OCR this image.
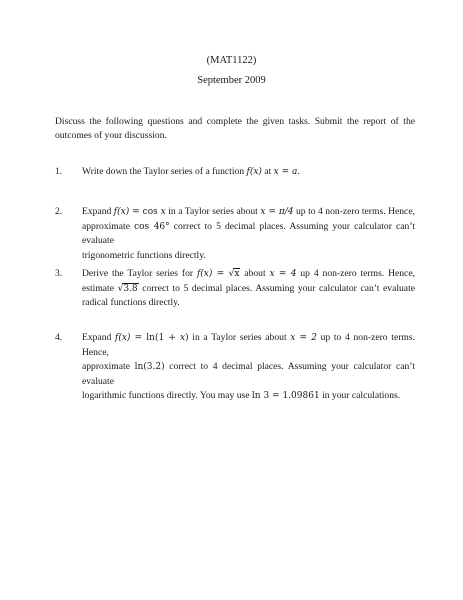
(MAT1122)
September 2009
Discuss the following questions and complete the given tasks. Submit the report of the outcomes of your discussion.
1.	Write down the Taylor series of a function f(x) at x = a.
2.	Expand f(x) = cos x in a Taylor series about x = π/4 up to 4 non-zero terms. Hence,
approximate cos 46° correct to 5 decimal places. Assuming your calculator can’t evaluate
trigonometric functions directly.
3.	Derive the Taylor series for f(x) = √x about x = 4 up 4 non-zero terms. Hence,
estimate √3.8 correct to 5 decimal places. Assuming your calculator can’t evaluate
radical functions directly.
4.	Expand f(x) = ln(1 + x) in a Taylor series about x = 2 up to 4 non-zero terms. Hence,
approximate ln(3.2) correct to 4 decimal places. Assuming your calculator can’t evaluate
logarithmic functions directly. You may use ln 3 = 1.09861 in your calculations.
